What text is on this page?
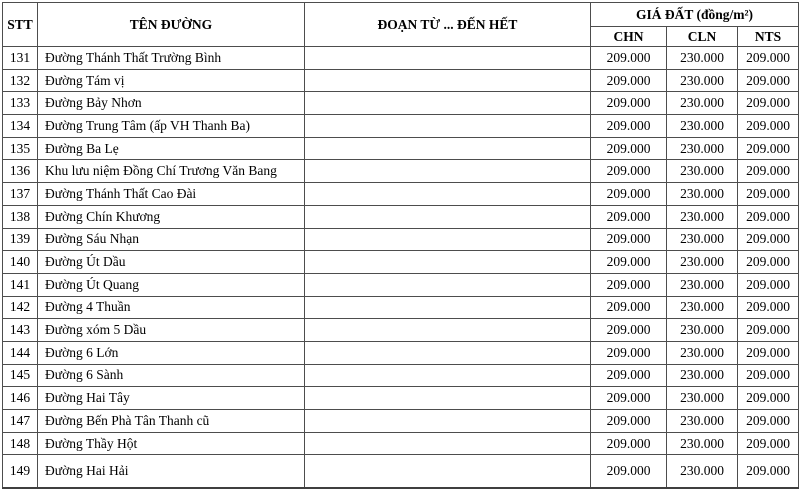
STT	TÊN ĐƯỜNG	ĐOẠN TỪ ... ĐẾN HẾT	GIÁ ĐẤT (đồng/m²)		
			CHN	CLN	NTS
131	Đường Thánh Thất Trường Bình		209.000	230.000	209.000
132	Đường Tám vị		209.000	230.000	209.000
133	Đường Bảy Nhơn		209.000	230.000	209.000
134	Đường Trung Tâm (ấp VH Thanh Ba)		209.000	230.000	209.000
135	Đường Ba Lẹ		209.000	230.000	209.000
136	Khu lưu niệm Đồng Chí Trương Văn Bang		209.000	230.000	209.000
137	Đường Thánh Thất Cao Đài		209.000	230.000	209.000
138	Đường Chín Khương		209.000	230.000	209.000
139	Đường Sáu Nhạn		209.000	230.000	209.000
140	Đường Út Dầu		209.000	230.000	209.000
141	Đường Út Quang		209.000	230.000	209.000
142	Đường 4 Thuần		209.000	230.000	209.000
143	Đường xóm 5 Dầu		209.000	230.000	209.000
144	Đường 6 Lớn		209.000	230.000	209.000
145	Đường 6 Sành		209.000	230.000	209.000
146	Đường Hai Tây		209.000	230.000	209.000
147	Đường Bến Phà Tân Thanh cũ		209.000	230.000	209.000
148	Đường Thầy Hột		209.000	230.000	209.000
149	Đường Hai Hải		209.000	230.000	209.000
